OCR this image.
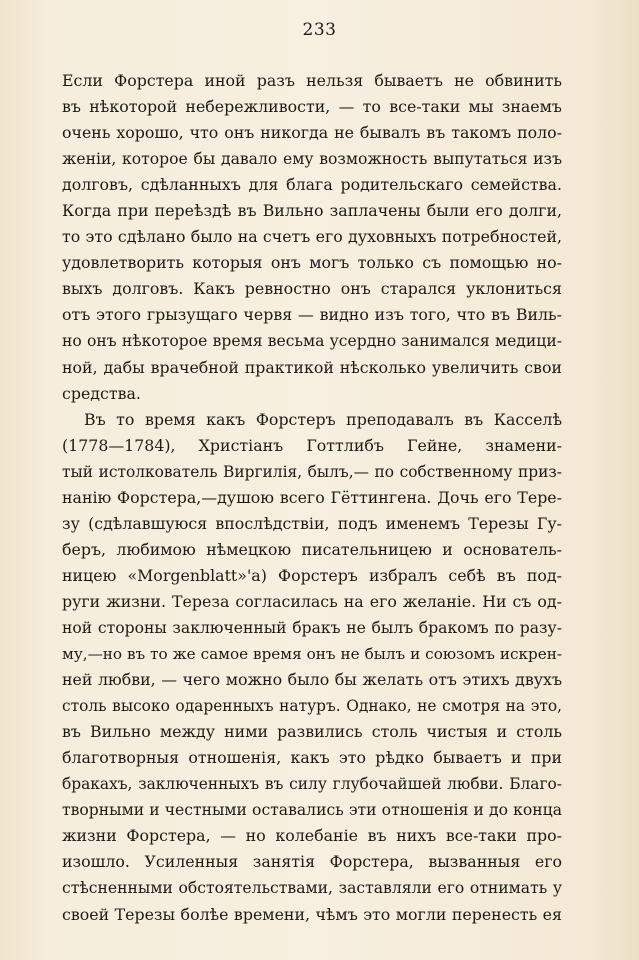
233
Если Форстера иной разъ нельзя бываетъ не обвинить
въ нѣкоторой небережливости, — то все-таки мы знаемъ
очень хорошо, что онъ никогда не бывалъ въ такомъ поло-
женіи, которое бы давало ему возможность выпутаться изъ
долговъ, сдѣланныхъ для блага родительскаго семейства.
Когда при переѣздѣ въ Вильно заплачены были его долги,
то это сдѣлано было на счетъ его духовныхъ потребностей,
удовлетворить которыя онъ могъ только съ помощью но-
выхъ долговъ. Какъ ревностно онъ старался уклониться
отъ этого грызущаго червя — видно изъ того, что въ Виль-
но онъ нѣкоторое время весьма усердно занимался медици-
ной, дабы врачебной практикой нѣсколько увеличить свои
средства.
Въ то время какъ Форстеръ преподавалъ въ Касселѣ
(1778—1784), Христіанъ Готтлибъ Гейне, знамени-
тый истолкователь Виргилія, былъ,— по собственному приз-
нанію Форстера,—душою всего Гёттингена. Дочь его Тере-
зу (сдѣлавшуюся впослѣдствіи, подъ именемъ Терезы Гу-
беръ, любимою нѣмецкою писательницею и основатель-
ницею «Morgenblatt»'а) Форстеръ избралъ себѣ въ под-
руги жизни. Тереза согласилась на его желаніе. Ни съ од-
ной стороны заключенный бракъ не былъ бракомъ по разу-
му,—но въ то же самое время онъ не былъ и союзомъ искрен-
ней любви, — чего можно было бы желать отъ этихъ двухъ
столь высоко одаренныхъ натуръ. Однако, не смотря на это,
въ Вильно между ними развились столь чистыя и столь
благотворныя отношенія, какъ это рѣдко бываетъ и при
бракахъ, заключенныхъ въ силу глубочайшей любви. Благо-
творными и честными оставались эти отношенія и до конца
жизни Форстера, — но колебаніе въ нихъ все-таки про-
изошло. Усиленныя занятія Форстера, вызванныя его
стѣсненными обстоятельствами, заставляли его отнимать у
своей Терезы болѣе времени, чѣмъ это могли перенесть ея
